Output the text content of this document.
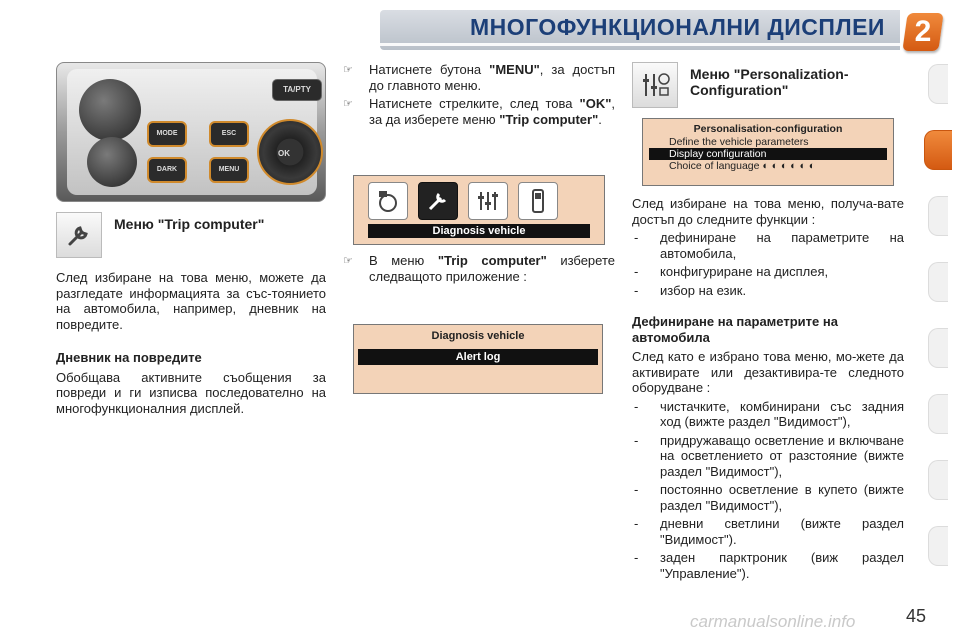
МНОГОФУНКЦИОНАЛНИ ДИСПЛЕИ 2
MODE
DARK
ESC
MENU
TA/PTY
OK
Меню "Trip computer"

След избиране на това меню, можете да разгледате информацията за със-тоянието на автомобила, например, дневник на повредите.

Дневник на повредите

Обобщава активните съобщения за повреди и ги изписва последователно на многофункционалния дисплей.

☞	Натиснете бутона "MENU", за достъп до главното меню.
☞	Натиснете стрелките, след това "OK", за да изберете меню "Trip computer".
Diagnosis vehicle
☞	В меню "Trip computer" изберете следващото приложение :
Diagnosis vehicle
Alert log
Меню "Personalization-Configuration"
Personalisation-configuration
Define the vehicle parameters
Display configuration
Choice of language ◐ ◐ ◐ ◐ ◐ ◐

След избиране на това меню, получа-вате достъп до следните функции :

-	дефиниране на параметрите на автомобила,
-	конфигуриране на дисплея,
-	избор на език.
Дефиниране на параметрите на автомобила

След като е избрано това меню, мо-жете да активирате или дезактивира-те следното оборудване :

-	чистачките, комбинирани със задния ход (вижте раздел "Видимост"),
-	придружаващо осветление и включване на осветлението от разстояние (вижте раздел "Видимост"),
-	постоянно осветление в купето (вижте раздел "Видимост"),
-	дневни светлини (вижте раздел "Видимост").
-	заден парктроник (виж раздел "Управление").
carmanualsonline.info	45
